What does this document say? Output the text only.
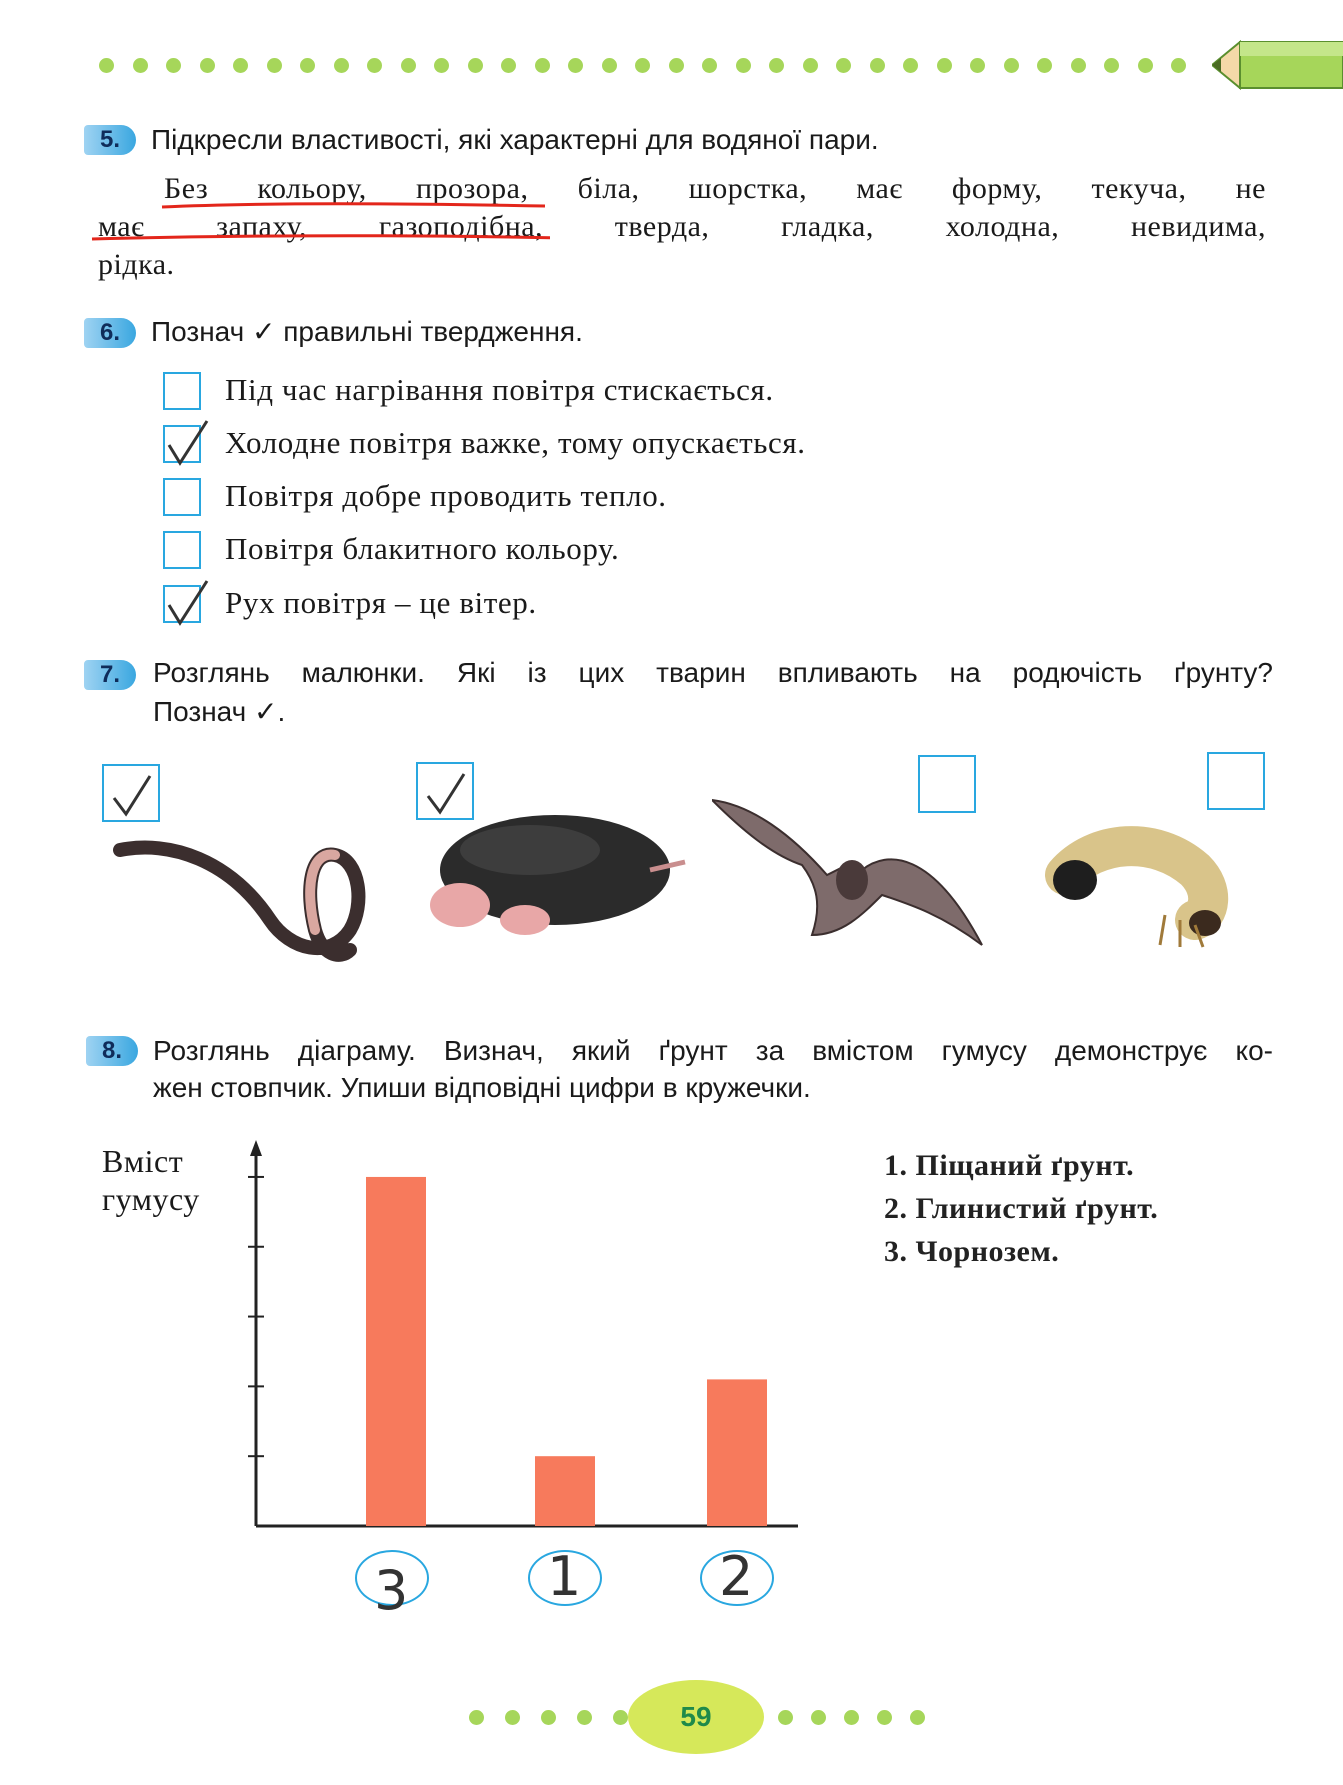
5.	Підкресли властивості, які характерні для водяної пари.
Без кольору, прозора, біла, шорстка, має форму, текуча, не
має запаху, газоподібна, тверда, гладка, холодна, невидима,
рідка.
6.	Познач ✓ правильні твердження.
Під час нагрівання повітря стискається.
Холодне повітря важке, тому опускається.
Повітря добре проводить тепло.
Повітря блакитного кольору.
Рух повітря – це вітер.
7.	Розглянь малюнки. Які із цих тварин впливають на родючість ґрунту?
Познач ✓.
8.	Розглянь діаграму. Визнач, який ґрунт за вмістом гумусу демонструє ко-
жен стовпчик. Упиши відповідні цифри в кружечки.
Вміст
гумусу
3	1	2
1. Піщаний ґрунт.
2. Глинистий ґрунт.
3. Чорнозем.
59
